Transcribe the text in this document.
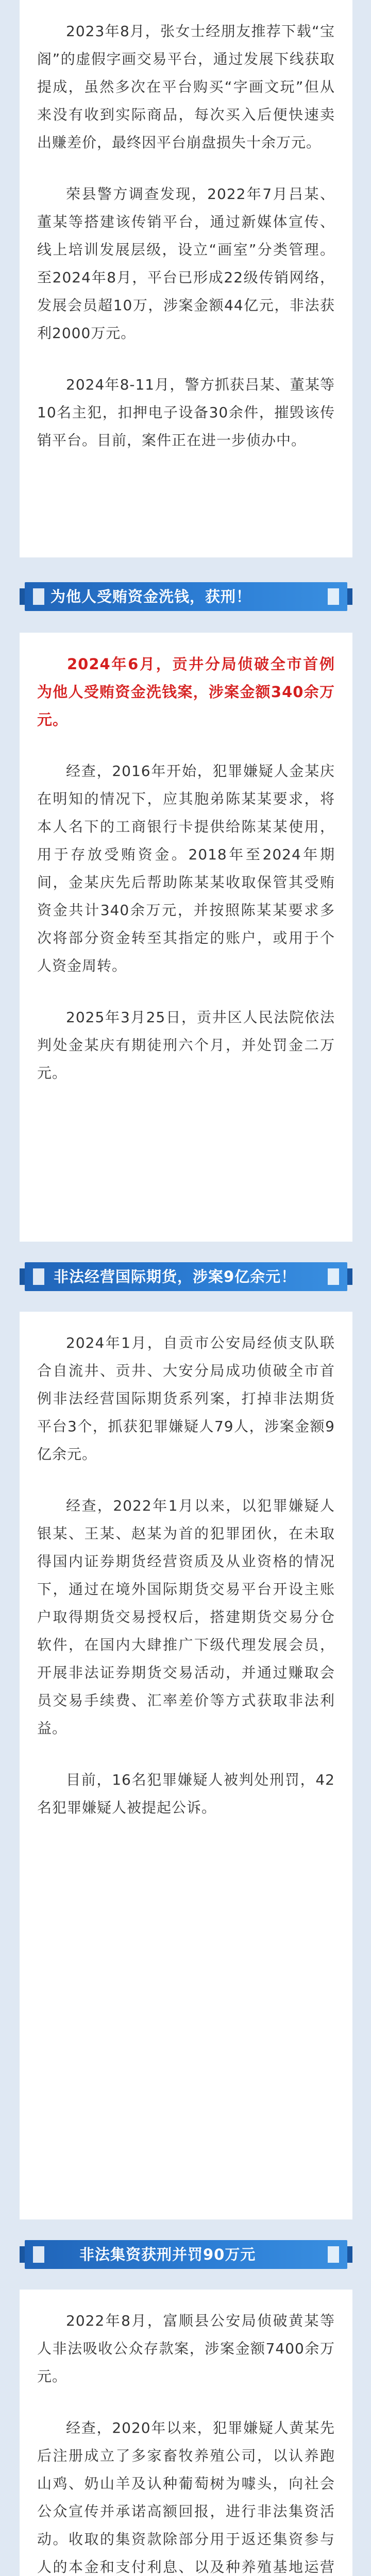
2023年8月，张女士经朋友推荐下载“宝阁”的虚假字画交易平台，通过发展下线获取提成，虽然多次在平台购买“字画文玩”但从来没有收到实际商品，每次买入后便快速卖出赚差价，最终因平台崩盘损失十余万元。

荣县警方调查发现，2022年7月吕某、董某等搭建该传销平台，通过新媒体宣传、线上培训发展层级，设立“画室”分类管理。至2024年8月，平台已形成22级传销网络，发展会员超10万，涉案金额44亿元，非法获利2000万元。

2024年8-11月，警方抓获吕某、董某等10名主犯，扣押电子设备30余件，摧毁该传销平台。目前，案件正在进一步侦办中。

为他人受贿资金洗钱，获刑！
2024年6月，贡井分局侦破全市首例为他人受贿资金洗钱案，涉案金额340余万元。

经查，2016年开始，犯罪嫌疑人金某庆在明知的情况下，应其胞弟陈某某要求，将本人名下的工商银行卡提供给陈某某使用，用于存放受贿资金。2018年至2024年期间，金某庆先后帮助陈某某收取保管其受贿资金共计340余万元，并按照陈某某要求多次将部分资金转至其指定的账户，或用于个人资金周转。

2025年3月25日，贡井区人民法院依法判处金某庆有期徒刑六个月，并处罚金二万元。

非法经营国际期货，涉案9亿余元！

2024年1月，自贡市公安局经侦支队联合自流井、贡井、大安分局成功侦破全市首例非法经营国际期货系列案，打掉非法期货平台3个，抓获犯罪嫌疑人79人，涉案金额9亿余元。

经查，2022年1月以来，以犯罪嫌疑人银某、王某、赵某为首的犯罪团伙，在未取得国内证券期货经营资质及从业资格的情况下，通过在境外国际期货交易平台开设主账户取得期货交易授权后，搭建期货交易分仓软件，在国内大肆推广下级代理发展会员，开展非法证券期货交易活动，并通过赚取会员交易手续费、汇率差价等方式获取非法利益。

目前，16名犯罪嫌疑人被判处刑罚，42名犯罪嫌疑人被提起公诉。

非法集资获刑并罚90万元

2022年8月，富顺县公安局侦破黄某等人非法吸收公众存款案，涉案金额7400余万元。

经查，2020年以来，犯罪嫌疑人黄某先后注册成立了多家畜牧养殖公司，以认养跑山鸡、奶山羊及认种葡萄树为噱头，向社会公众宣传并承诺高额回报，进行非法集资活动。收取的集资款除部分用于返还集资参与人的本金和支付利息、以及种养殖基地运营
